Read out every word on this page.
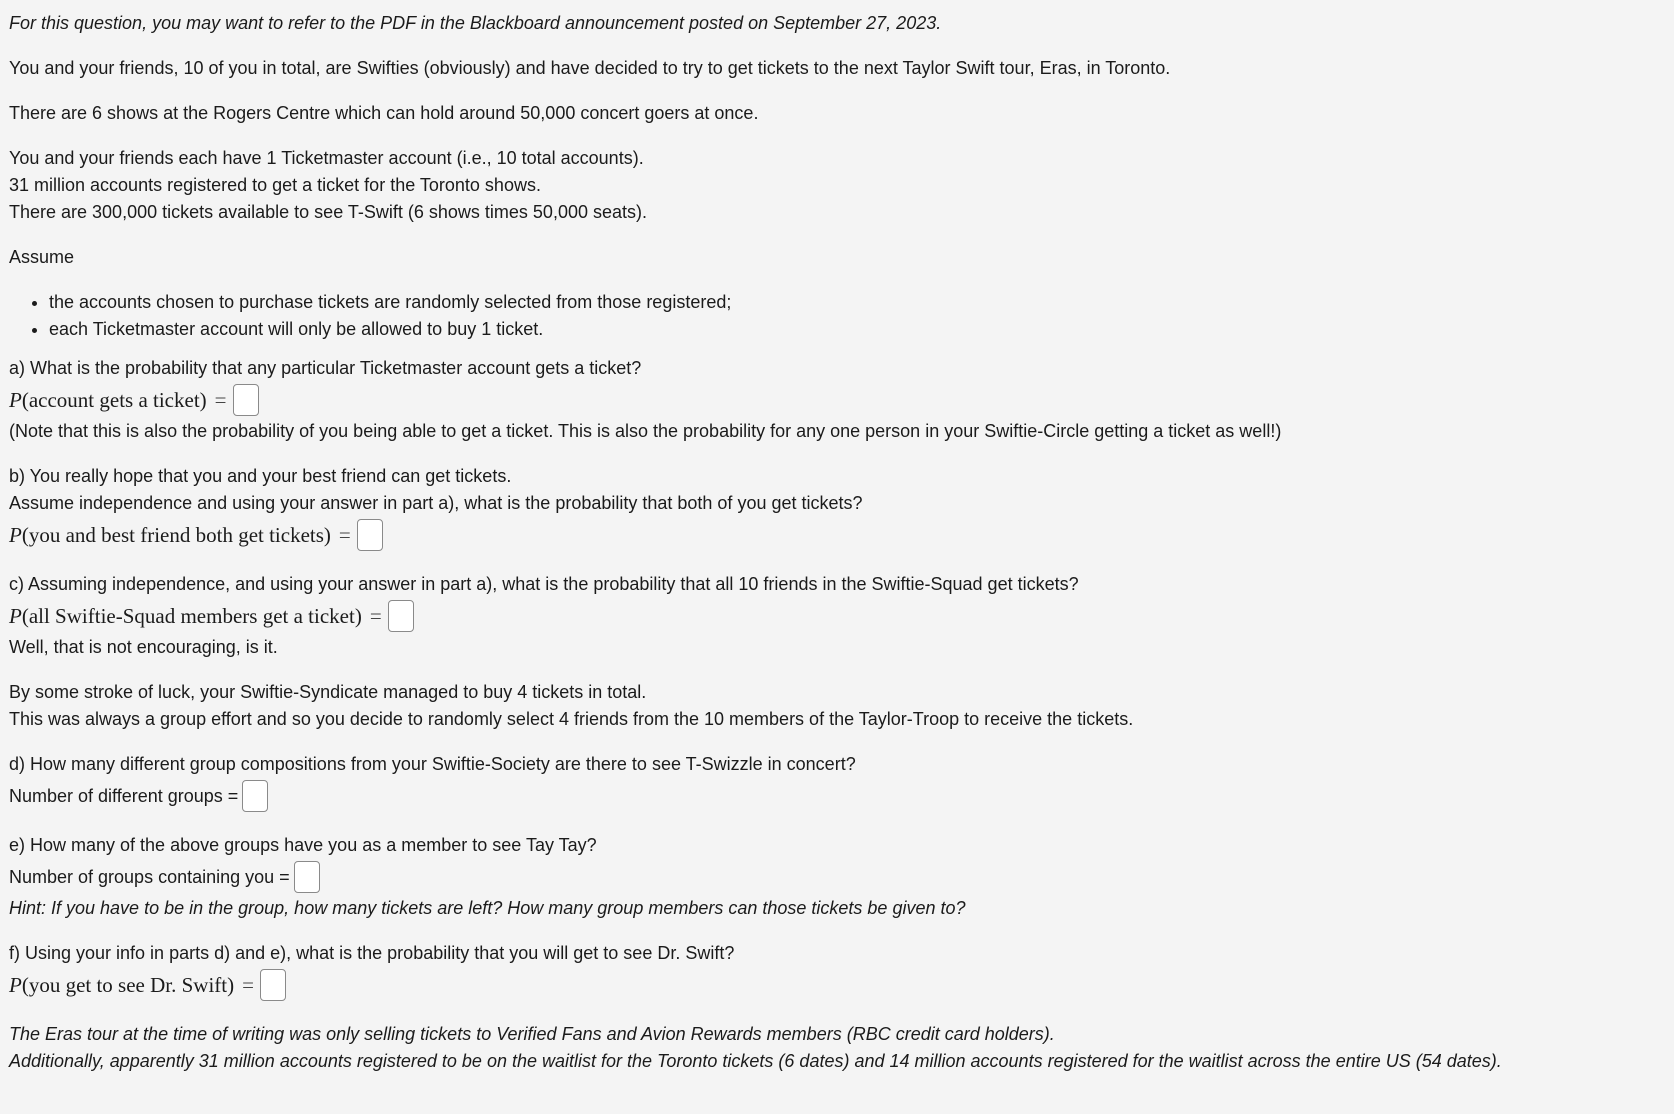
For this question, you may want to refer to the PDF in the Blackboard announcement posted on September 27, 2023.

You and your friends, 10 of you in total, are Swifties (obviously) and have decided to try to get tickets to the next Taylor Swift tour, Eras, in Toronto.

There are 6 shows at the Rogers Centre which can hold around 50,000 concert goers at once.

You and your friends each have 1 Ticketmaster account (i.e., 10 total accounts).

31 million accounts registered to get a ticket for the Toronto shows.

There are 300,000 tickets available to see T-Swift (6 shows times 50,000 seats).

Assume

• the accounts chosen to purchase tickets are randomly selected from those registered;
• each Ticketmaster account will only be allowed to buy 1 ticket.

a) What is the probability that any particular Ticketmaster account gets a ticket?

P (account gets a ticket) =

(Note that this is also the probability of you being able to get a ticket. This is also the probability for any one person in your Swiftie-Circle getting a ticket as well!)

b) You really hope that you and your best friend can get tickets.

Assume independence and using your answer in part a), what is the probability that both of you get tickets?

P (you and best friend both get tickets) =

c) Assuming independence, and using your answer in part a), what is the probability that all 10 friends in the Swiftie-Squad get tickets?

P (all Swiftie-Squad members get a ticket) =

Well, that is not encouraging, is it.

By some stroke of luck, your Swiftie-Syndicate managed to buy 4 tickets in total.

This was always a group effort and so you decide to randomly select 4 friends from the 10 members of the Taylor-Troop to receive the tickets.

d) How many different group compositions from your Swiftie-Society are there to see T-Swizzle in concert?

Number of different groups =

e) How many of the above groups have you as a member to see Tay Tay?

Number of groups containing you =

Hint: If you have to be in the group, how many tickets are left? How many group members can those tickets be given to?

f) Using your info in parts d) and e), what is the probability that you will get to see Dr. Swift?

P (you get to see Dr. Swift) =

The Eras tour at the time of writing was only selling tickets to Verified Fans and Avion Rewards members (RBC credit card holders).

Additionally, apparently 31 million accounts registered to be on the waitlist for the Toronto tickets (6 dates) and 14 million accounts registered for the waitlist across the entire US (54 dates).
